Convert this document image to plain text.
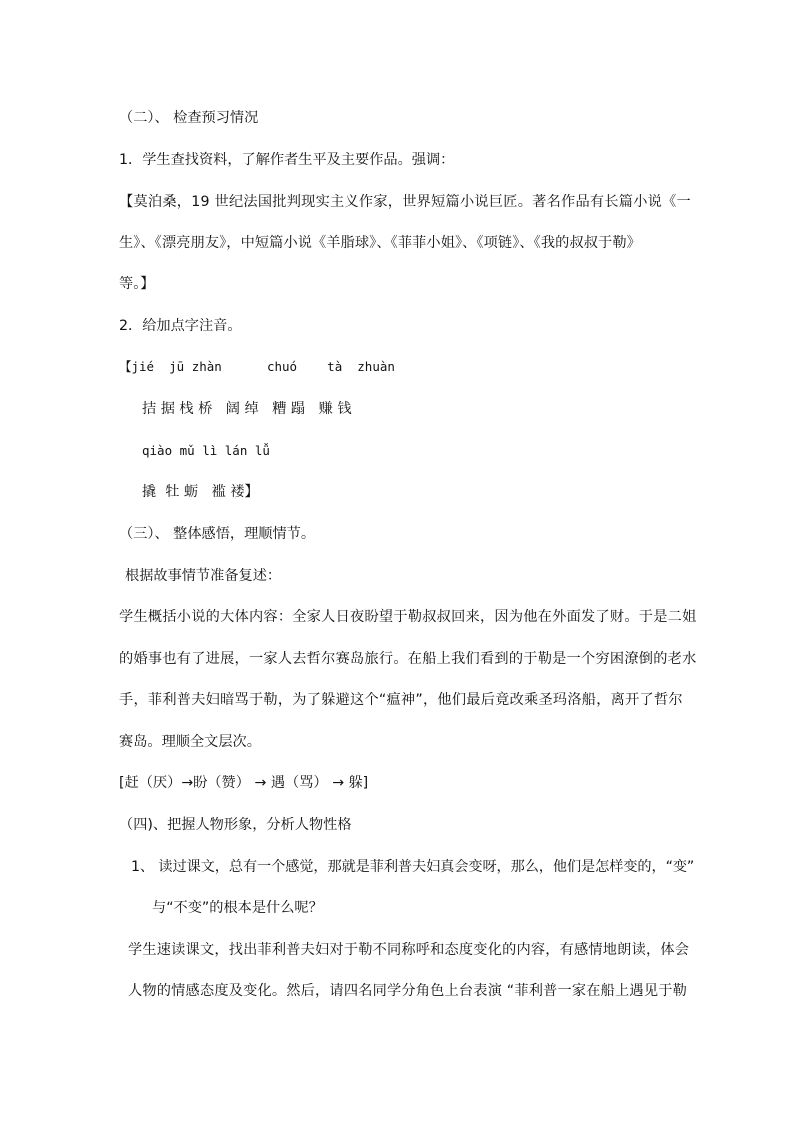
（二）、 检查预习情况
1．学生查找资料，了解作者生平及主要作品。强调：
【莫泊桑，19 世纪法国批判现实主义作家，世界短篇小说巨匠。著名作品有长篇小说《一
生》、《漂亮朋友》，中短篇小说《羊脂球》、《菲菲小姐》、《项链》、《我的叔叔于勒》
等。】
2．给加点字注音。
【jié  jū zhàn      chuó    tà  zhuàn
拮 据 栈 桥   阔 绰   糟 蹋   赚 钱
qiào mǔ lì lán lǚ
撬  牡 蛎   褴 褛】
（三）、 整体感悟，理顺情节。
根据故事情节准备复述：
学生概括小说的大体内容：全家人日夜盼望于勒叔叔回来，因为他在外面发了财。于是二姐
的婚事也有了进展，一家人去哲尔赛岛旅行。在船上我们看到的于勒是一个穷困潦倒的老水
手，菲利普夫妇暗骂于勒，为了躲避这个“瘟神”，他们最后竟改乘圣玛洛船，离开了哲尔
赛岛。理顺全文层次。
[赶（厌）→盼（赞） → 遇（骂） → 躲]
（四)、把握人物形象，分析人物性格
1、 读过课文，总有一个感觉，那就是菲利普夫妇真会变呀，那么，他们是怎样变的，“变”
与“不变”的根本是什么呢？
学生速读课文，找出菲利普夫妇对于勒不同称呼和态度变化的内容，有感情地朗读，体会
人物的情感态度及变化。然后，请四名同学分角色上台表演 “菲利普一家在船上遇见于勒
